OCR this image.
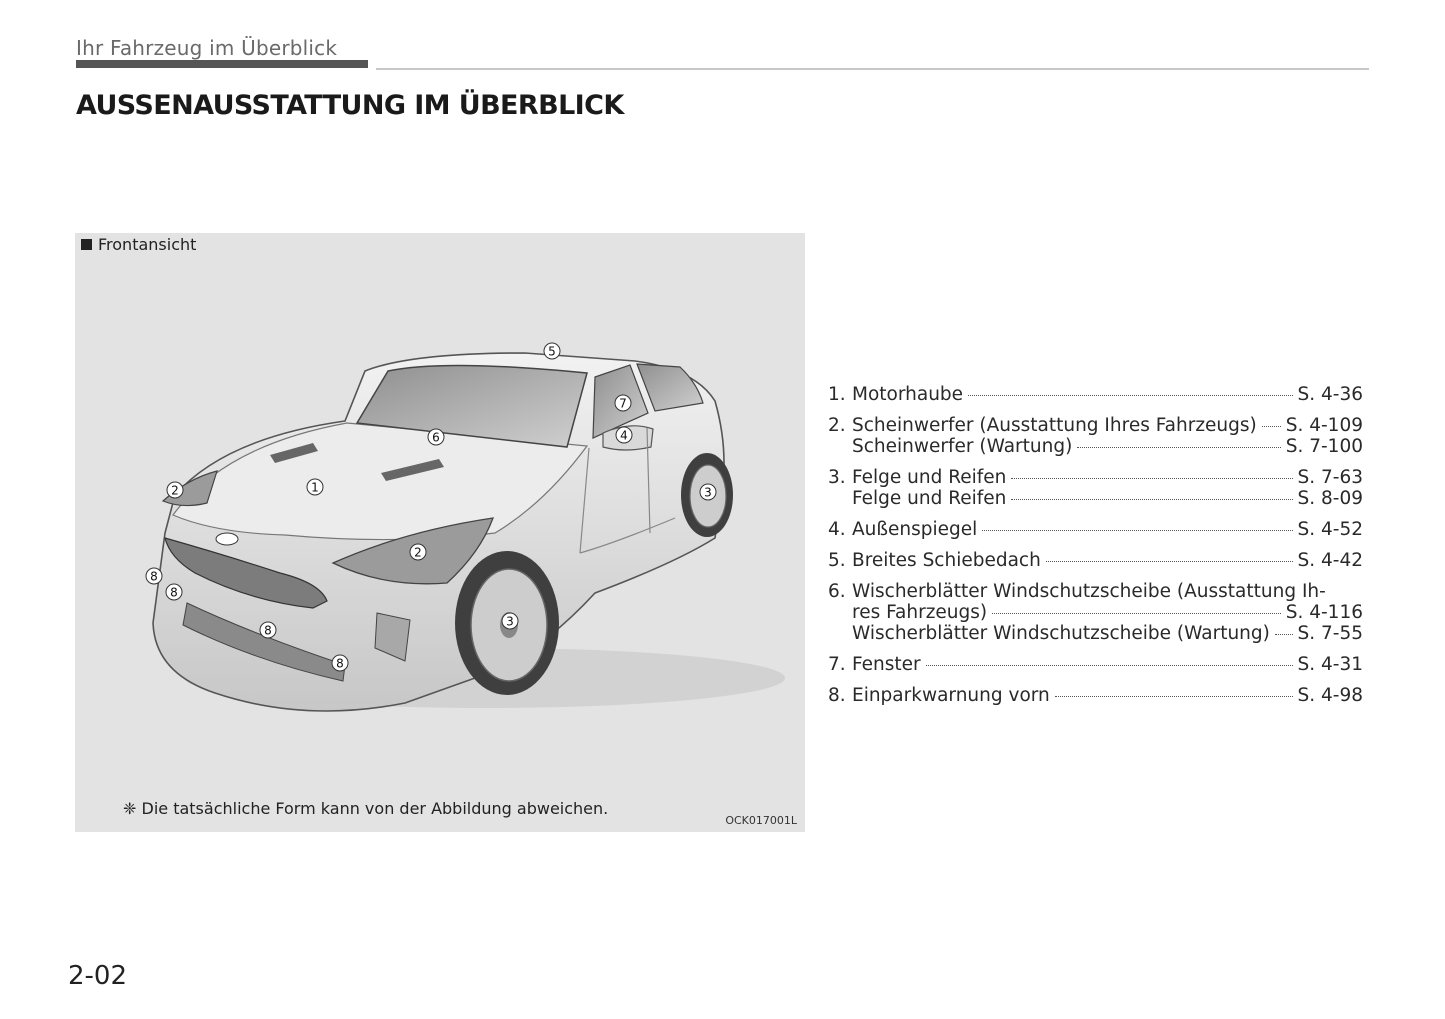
Ihr Fahrzeug im Überblick
AUSSENAUSSTATTUNG IM ÜBERBLICK
Frontansicht
1
2
2
3
3
4
5
6
7
8
8
8
8
❈ Die tatsächliche Form kann von der Abbildung abweichen.
OCK017001L
1. Motorhaube	S. 4-36
2. Scheinwerfer (Ausstattung Ihres Fahrzeugs) S. 4-109
Scheinwerfer (Wartung)	S. 7-100
3. Felge und Reifen	S. 7-63
Felge und Reifen	S. 8-09
4. Außenspiegel	S. 4-52
5. Breites Schiebedach	S. 4-42
6. Wischerblätter Windschutzscheibe (Ausstattung Ih-
res Fahrzeugs)	S. 4-116
Wischerblätter Windschutzscheibe (Wartung) S. 7-55
7. Fenster	S. 4-31
8. Einparkwarnung vorn	S. 4-98
2-02
